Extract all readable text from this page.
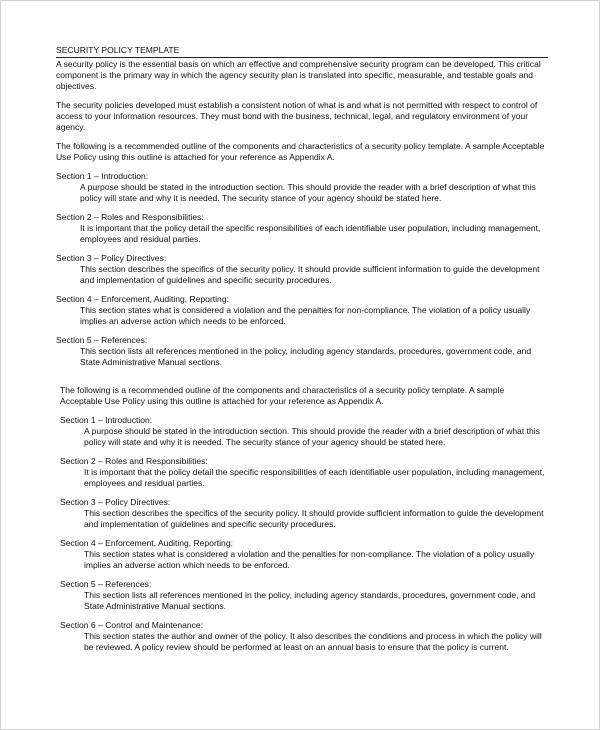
SECURITY POLICY TEMPLATE

A security policy is the essential basis on which an effective and comprehensive security program can be developed. This critical component is the primary way in which the agency security plan is translated into specific, measurable, and testable goals and objectives.

The security policies developed must establish a consistent notion of what is and what is not permitted with respect to control of access to your information resources. They must bond with the business, technical, legal, and regulatory environment of your agency.

The following is a recommended outline of the components and characteristics of a security policy template. A sample Acceptable Use Policy using this outline is attached for your reference as Appendix A.

Section 1 – Introduction:
A purpose should be stated in the introduction section. This should provide the reader with a brief description of what this policy will state and why it is needed. The security stance of your agency should be stated here.
Section 2 – Roles and Responsibilities:
It is important that the policy detail the specific responsibilities of each identifiable user population, including management, employees and residual parties.
Section 3 – Policy Directives:
This section describes the specifics of the security policy. It should provide sufficient information to guide the development and implementation of guidelines and specific security procedures.
Section 4 – Enforcement, Auditing, Reporting:
This section states what is considered a violation and the penalties for non-compliance. The violation of a policy usually implies an adverse action which needs to be enforced.
Section 5 – References:
This section lists all references mentioned in the policy, including agency standards, procedures, government code, and State Administrative Manual sections.

The following is a recommended outline of the components and characteristics of a security policy template. A sample Acceptable Use Policy using this outline is attached for your reference as Appendix A.

Section 1 – Introduction:
A purpose should be stated in the introduction section. This should provide the reader with a brief description of what this policy will state and why it is needed. The security stance of your agency should be stated here.
Section 2 – Roles and Responsibilities:
It is important that the policy detail the specific responsibilities of each identifiable user population, including management, employees and residual parties.
Section 3 – Policy Directives:
This section describes the specifics of the security policy. It should provide sufficient information to guide the development and implementation of guidelines and specific security procedures.
Section 4 – Enforcement, Auditing, Reporting:
This section states what is considered a violation and the penalties for non-compliance. The violation of a policy usually implies an adverse action which needs to be enforced.
Section 5 – References:
This section lists all references mentioned in the policy, including agency standards, procedures, government code, and State Administrative Manual sections.
Section 6 – Control and Maintenance:
This section states the author and owner of the policy. It also describes the conditions and process in which the policy will be reviewed. A policy review should be performed at least on an annual basis to ensure that the policy is current.
